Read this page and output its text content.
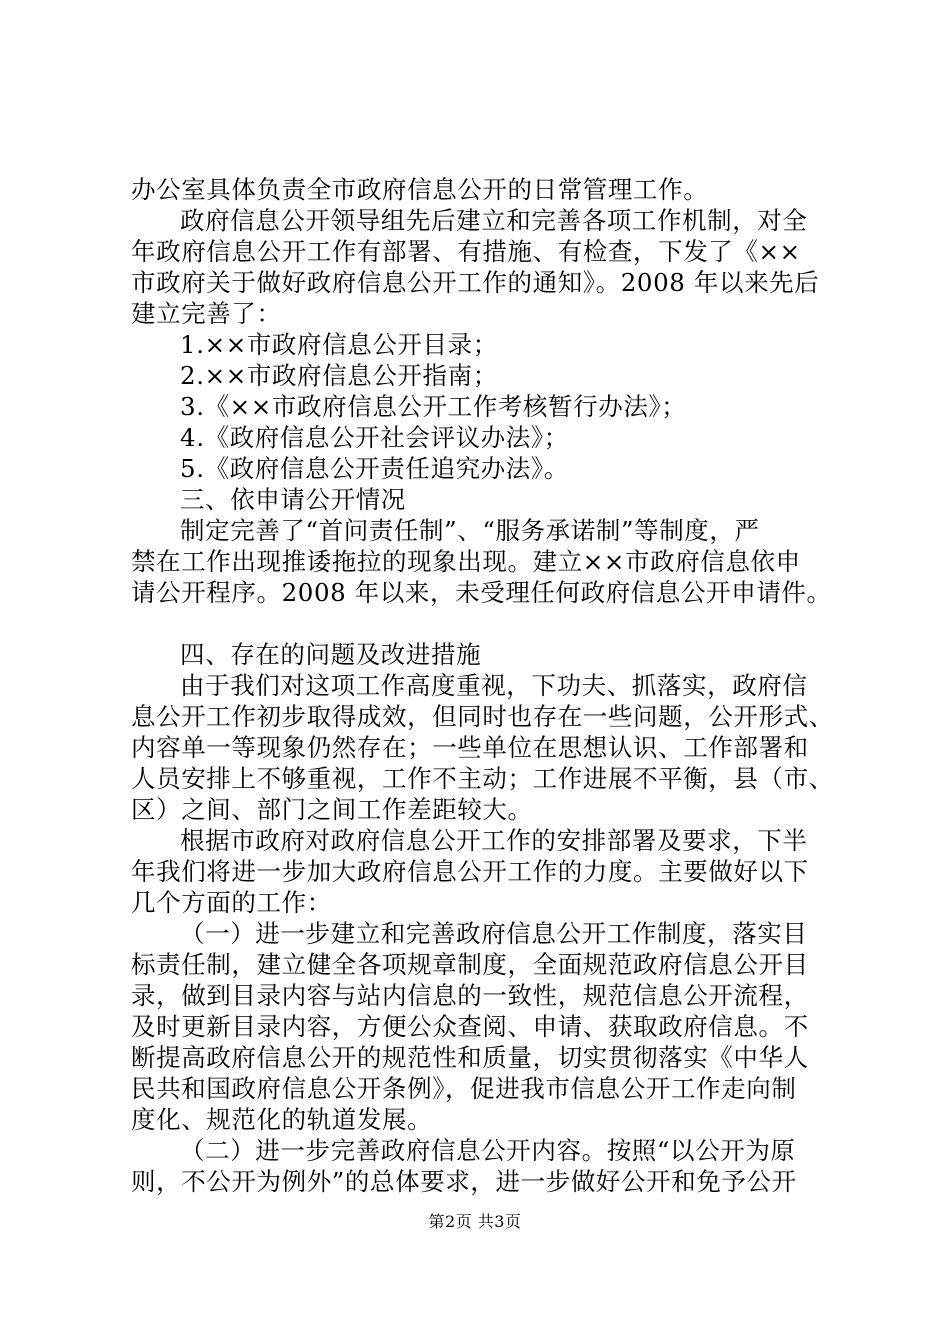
办公室具体负责全市政府信息公开的日常管理工作。
政府信息公开领导组先后建立和完善各项工作机制，对全
年政府信息公开工作有部署、有措施、有检查，下发了《××
市政府关于做好政府信息公开工作的通知》。2008 年以来先后
建立完善了：
1.××市政府信息公开目录；
2.××市政府信息公开指南；
3.《××市政府信息公开工作考核暂行办法》；
4.《政府信息公开社会评议办法》；
5.《政府信息公开责任追究办法》。
三、依申请公开情况
制定完善了“首问责任制”、“服务承诺制”等制度，严
禁在工作出现推诿拖拉的现象出现。建立××市政府信息依申
请公开程序。2008 年以来，未受理任何政府信息公开申请件。
四、存在的问题及改进措施
由于我们对这项工作高度重视，下功夫、抓落实，政府信
息公开工作初步取得成效，但同时也存在一些问题，公开形式、
内容单一等现象仍然存在；一些单位在思想认识、工作部署和
人员安排上不够重视，工作不主动；工作进展不平衡，县（市、
区）之间、部门之间工作差距较大。
根据市政府对政府信息公开工作的安排部署及要求，下半
年我们将进一步加大政府信息公开工作的力度。主要做好以下
几个方面的工作：
（一）进一步建立和完善政府信息公开工作制度，落实目
标责任制，建立健全各项规章制度，全面规范政府信息公开目
录，做到目录内容与站内信息的一致性，规范信息公开流程，
及时更新目录内容，方便公众查阅、申请、获取政府信息。不
断提高政府信息公开的规范性和质量，切实贯彻落实《中华人
民共和国政府信息公开条例》，促进我市信息公开工作走向制
度化、规范化的轨道发展。
（二）进一步完善政府信息公开内容。按照“以公开为原
则，不公开为例外”的总体要求，进一步做好公开和免予公开
第2页 共3页
